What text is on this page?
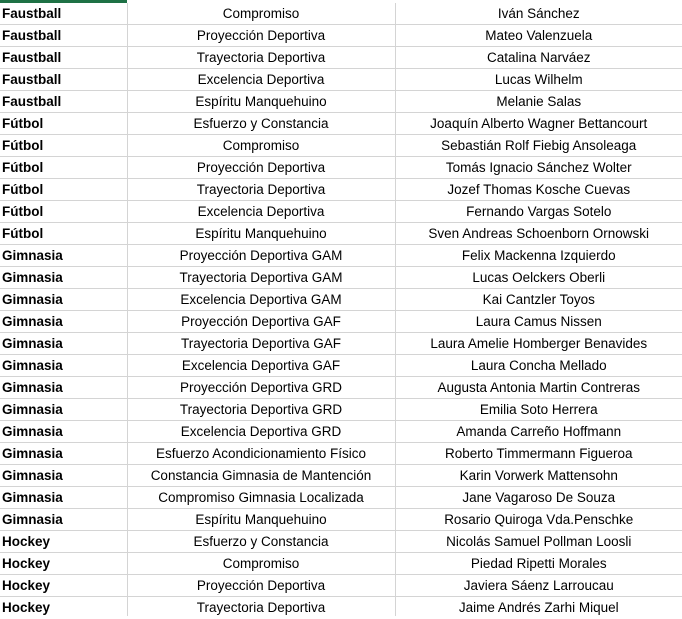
Faustball	Compromiso	Iván Sánchez
Faustball	Proyección Deportiva	Mateo Valenzuela
Faustball	Trayectoria Deportiva	Catalina Narváez
Faustball	Excelencia Deportiva	Lucas Wilhelm
Faustball	Espíritu Manquehuino	Melanie Salas
Fútbol	Esfuerzo y Constancia	Joaquín Alberto Wagner Bettancourt
Fútbol	Compromiso	Sebastián Rolf Fiebig Ansoleaga
Fútbol	Proyección Deportiva	Tomás Ignacio Sánchez Wolter
Fútbol	Trayectoria Deportiva	Jozef Thomas Kosche Cuevas
Fútbol	Excelencia Deportiva	Fernando Vargas Sotelo
Fútbol	Espíritu Manquehuino	Sven Andreas Schoenborn Ornowski
Gimnasia	Proyección Deportiva GAM	Felix Mackenna Izquierdo
Gimnasia	Trayectoria Deportiva GAM	Lucas Oelckers Oberli
Gimnasia	Excelencia Deportiva GAM	Kai Cantzler Toyos
Gimnasia	Proyección Deportiva GAF	Laura Camus Nissen
Gimnasia	Trayectoria Deportiva GAF	Laura Amelie Homberger Benavides
Gimnasia	Excelencia Deportiva GAF	Laura Concha Mellado
Gimnasia	Proyección Deportiva GRD	Augusta Antonia Martin Contreras
Gimnasia	Trayectoria Deportiva GRD	Emilia Soto Herrera
Gimnasia	Excelencia Deportiva GRD	Amanda Carreño Hoffmann
Gimnasia	Esfuerzo Acondicionamiento Físico	Roberto Timmermann Figueroa
Gimnasia	Constancia Gimnasia de Mantención	Karin Vorwerk Mattensohn
Gimnasia	Compromiso Gimnasia Localizada	Jane Vagaroso De Souza
Gimnasia	Espíritu Manquehuino	Rosario Quiroga Vda.Penschke
Hockey	Esfuerzo y Constancia	Nicolás Samuel Pollman Loosli
Hockey	Compromiso	Piedad Ripetti Morales
Hockey	Proyección Deportiva	Javiera Sáenz Larroucau
Hockey	Trayectoria Deportiva	Jaime Andrés Zarhi Miquel
